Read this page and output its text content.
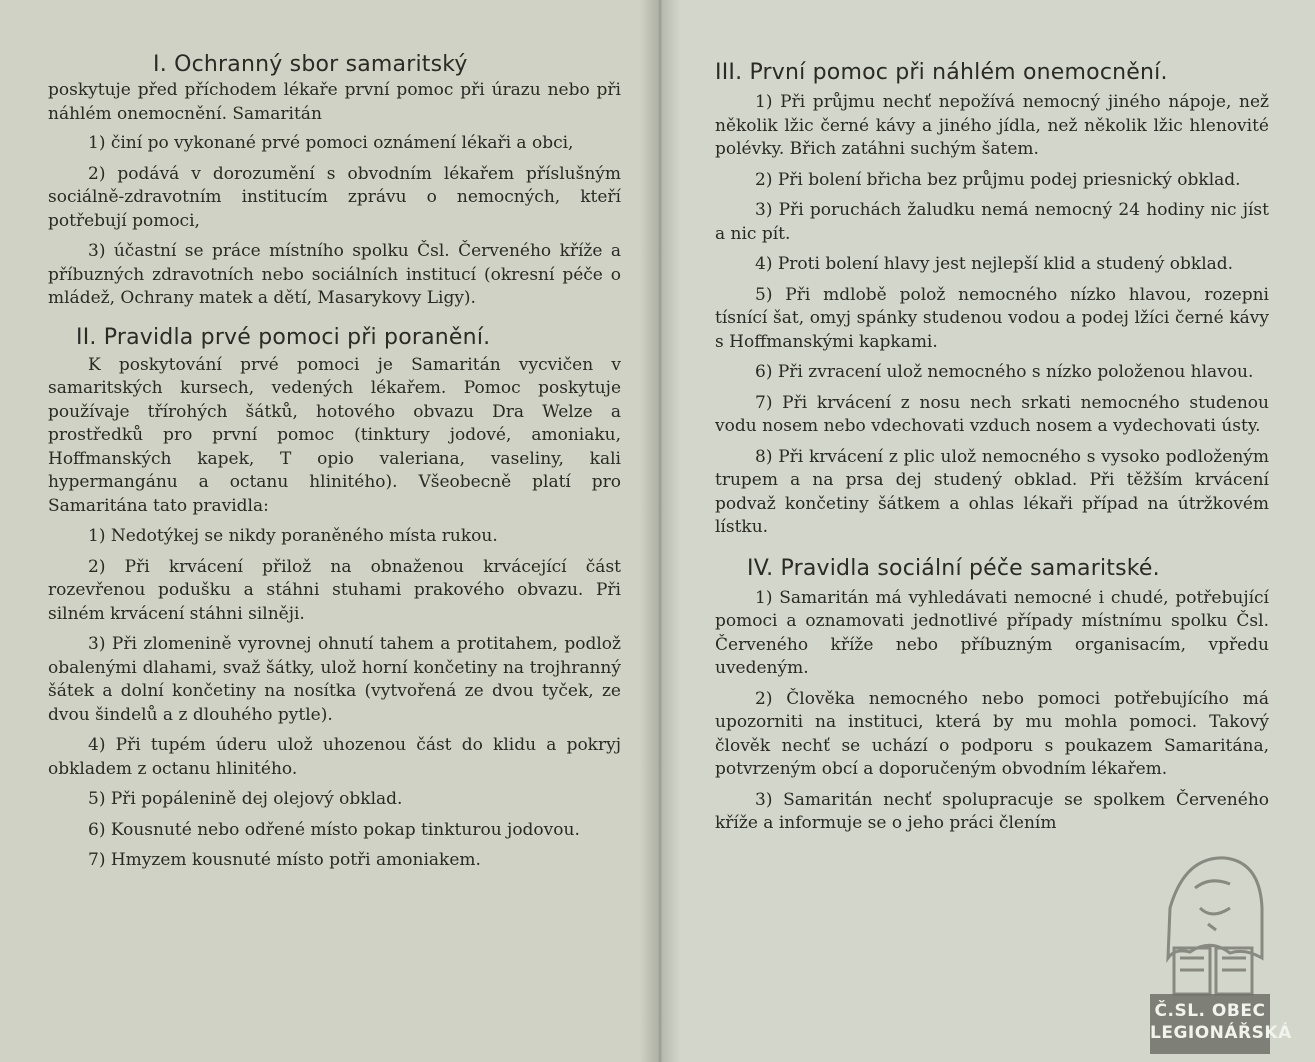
I. Ochranný sbor samaritský

poskytuje před příchodem lékaře první pomoc při úrazu nebo při náhlém onemocnění. Samaritán

1) činí po vykonané prvé pomoci oznámení lékaři a obci,

2) podává v dorozumění s obvodním lékařem příslušným sociálně-zdravotním institucím zprávu o nemocných, kteří potřebují pomoci,

3) účastní se práce místního spolku Čsl. Červeného kříže a příbuzných zdravotních nebo sociálních institucí (okresní péče o mládež, Ochrany matek a dětí, Masarykovy Ligy).

II. Pravidla prvé pomoci při poranění.

K poskytování prvé pomoci je Samaritán vycvičen v samaritských kursech, vedených lékařem. Pomoc poskytuje používaje třírohých šátků, hotového obvazu Dra Welze a prostředků pro první pomoc (tinktury jodové, amoniaku, Hoffmanských kapek, T opio valeriana, vaseliny, kali hypermangánu a octanu hlinitého). Všeobecně platí pro Samaritána tato pravidla:

1) Nedotýkej se nikdy poraněného místa rukou.

2) Při krvácení přilož na obnaženou krvácející část rozevřenou podušku a stáhni stuhami prakového obvazu. Při silném krvácení stáhni silněji.

3) Při zlomenině vyrovnej ohnutí tahem a protitahem, podlož obalenými dlahami, svaž šátky, ulož horní končetiny na trojhranný šátek a dolní končetiny na nosítka (vytvořená ze dvou tyček, ze dvou šindelů a z dlouhého pytle).

4) Při tupém úderu ulož uhozenou část do klidu a pokryj obkladem z octanu hlinitého.

5) Při popálenině dej olejový obklad.

6) Kousnuté nebo odřené místo pokap tinkturou jodovou.

7) Hmyzem kousnuté místo potři amoniakem.

III. První pomoc při náhlém onemocnění.

1) Při průjmu nechť nepožívá nemocný jiného nápoje, než několik lžic černé kávy a jiného jídla, než několik lžic hlenovité polévky. Břich zatáhni suchým šatem.

2) Při bolení břicha bez průjmu podej priesnický obklad.

3) Při poruchách žaludku nemá nemocný 24 hodiny nic jíst a nic pít.

4) Proti bolení hlavy jest nejlepší klid a studený obklad.

5) Při mdlobě polož nemocného nízko hlavou, rozepni tísnící šat, omyj spánky studenou vodou a podej lžíci černé kávy s Hoffmanskými kapkami.

6) Při zvracení ulož nemocného s nízko položenou hlavou.

7) Při krvácení z nosu nech srkati nemocného studenou vodu nosem nebo vdechovati vzduch nosem a vydechovati ústy.

8) Při krvácení z plic ulož nemocného s vysoko podloženým trupem a na prsa dej studený obklad. Při těžším krvácení podvaž končetiny šátkem a ohlas lékaři případ na útržkovém lístku.

IV. Pravidla sociální péče samaritské.

1) Samaritán má vyhledávati nemocné i chudé, potřebující pomoci a oznamovati jednotlivé případy místnímu spolku Čsl. Červeného kříže nebo příbuzným organisacím, vpředu uvedeným.

2) Člověka nemocného nebo pomoci potřebujícího má upozorniti na instituci, která by mu mohla pomoci. Takový člověk nechť se uchází o podporu s poukazem Samaritána, potvrzeným obcí a doporučeným obvodním lékařem.

3) Samaritán nechť spolupracuje se spolkem Červeného kříže a informuje se o jeho práci člením

Č.SL. OBEC
LEGIONÁŘSKÁ
